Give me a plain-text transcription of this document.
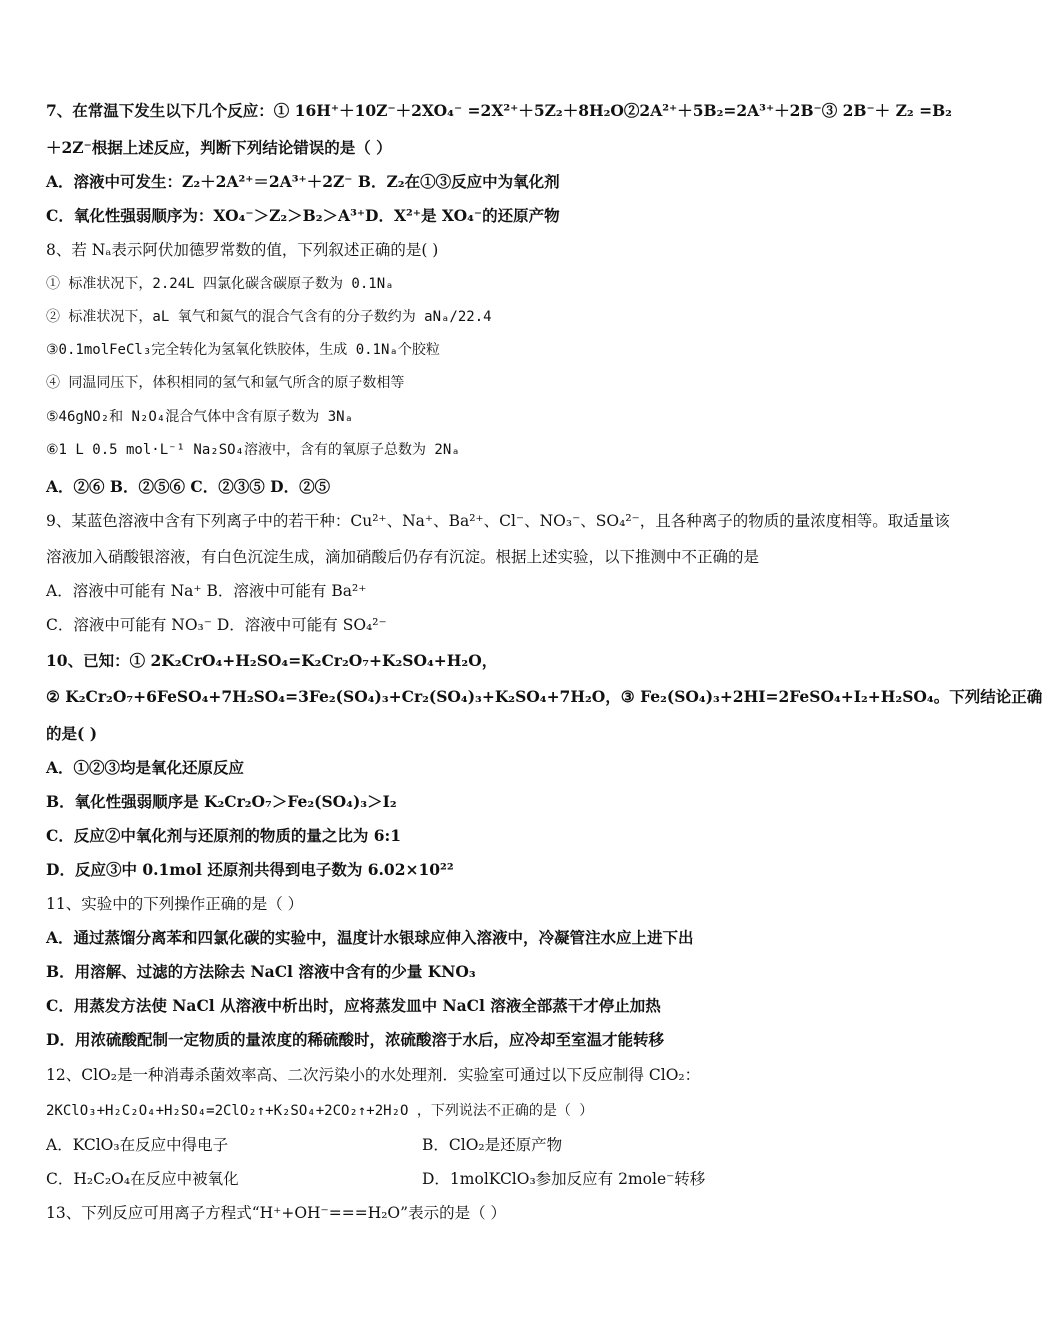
7、在常温下发生以下几个反应：① 16H⁺＋10Z⁻＋2XO₄⁻ =2X²⁺＋5Z₂＋8H₂O②2A²⁺＋5B₂=2A³⁺＋2B⁻③ 2B⁻＋ Z₂ =B₂
＋2Z⁻根据上述反应，判断下列结论错误的是（ ）
A．溶液中可发生：Z₂＋2A²⁺＝2A³⁺＋2Z⁻ B．Z₂在①③反应中为氧化剂
C．氧化性强弱顺序为：XO₄⁻＞Z₂＞B₂＞A³⁺D．X²⁺是 XO₄⁻的还原产物
8、若 Nₐ表示阿伏加德罗常数的值，下列叙述正确的是( )
① 标准状况下，2.24L 四氯化碳含碳原子数为 0.1Nₐ
② 标准状况下，aL 氧气和氮气的混合气含有的分子数约为 aNₐ/22.4
③0.1molFeCl₃完全转化为氢氧化铁胶体，生成 0.1Nₐ个胶粒
④ 同温同压下，体积相同的氢气和氩气所含的原子数相等
⑤46gNO₂和 N₂O₄混合气体中含有原子数为 3Nₐ
⑥1 L 0.5 mol·L⁻¹ Na₂SO₄溶液中，含有的氧原子总数为 2Nₐ
A．②⑥ B．②⑤⑥ C．②③⑤ D．②⑤
9、某蓝色溶液中含有下列离子中的若干种：Cu²⁺、Na⁺、Ba²⁺、Cl⁻、NO₃⁻、SO₄²⁻，且各种离子的物质的量浓度相等。取适量该
溶液加入硝酸银溶液，有白色沉淀生成，滴加硝酸后仍存有沉淀。根据上述实验，以下推测中不正确的是
A．溶液中可能有 Na⁺ B．溶液中可能有 Ba²⁺
C．溶液中可能有 NO₃⁻ D．溶液中可能有 SO₄²⁻
10、已知：① 2K₂CrO₄+H₂SO₄=K₂Cr₂O₇+K₂SO₄+H₂O，
② K₂Cr₂O₇+6FeSO₄+7H₂SO₄=3Fe₂(SO₄)₃+Cr₂(SO₄)₃+K₂SO₄+7H₂O，③ Fe₂(SO₄)₃+2HI=2FeSO₄+I₂+H₂SO₄。下列结论正确
的是( )
A．①②③均是氧化还原反应
B．氧化性强弱顺序是 K₂Cr₂O₇＞Fe₂(SO₄)₃＞I₂
C．反应②中氧化剂与还原剂的物质的量之比为 6:1
D．反应③中 0.1mol 还原剂共得到电子数为 6.02×10²²
11、实验中的下列操作正确的是（ ）
A．通过蒸馏分离苯和四氯化碳的实验中，温度计水银球应伸入溶液中，冷凝管注水应上进下出
B．用溶解、过滤的方法除去 NaCl 溶液中含有的少量 KNO₃
C．用蒸发方法使 NaCl 从溶液中析出时，应将蒸发皿中 NaCl 溶液全部蒸干才停止加热
D．用浓硫酸配制一定物质的量浓度的稀硫酸时，浓硫酸溶于水后，应冷却至室温才能转移
12、ClO₂是一种消毒杀菌效率高、二次污染小的水处理剂．实验室可通过以下反应制得 ClO₂：
2KClO₃+H₂C₂O₄+H₂SO₄=2ClO₂↑+K₂SO₄+2CO₂↑+2H₂O ，下列说法不正确的是（ ）
A．KClO₃在反应中得电子	B．ClO₂是还原产物
C．H₂C₂O₄在反应中被氧化	D．1molKClO₃参加反应有 2mole⁻转移
13、下列反应可用离子方程式“H⁺+OH⁻===H₂O”表示的是（ ）
